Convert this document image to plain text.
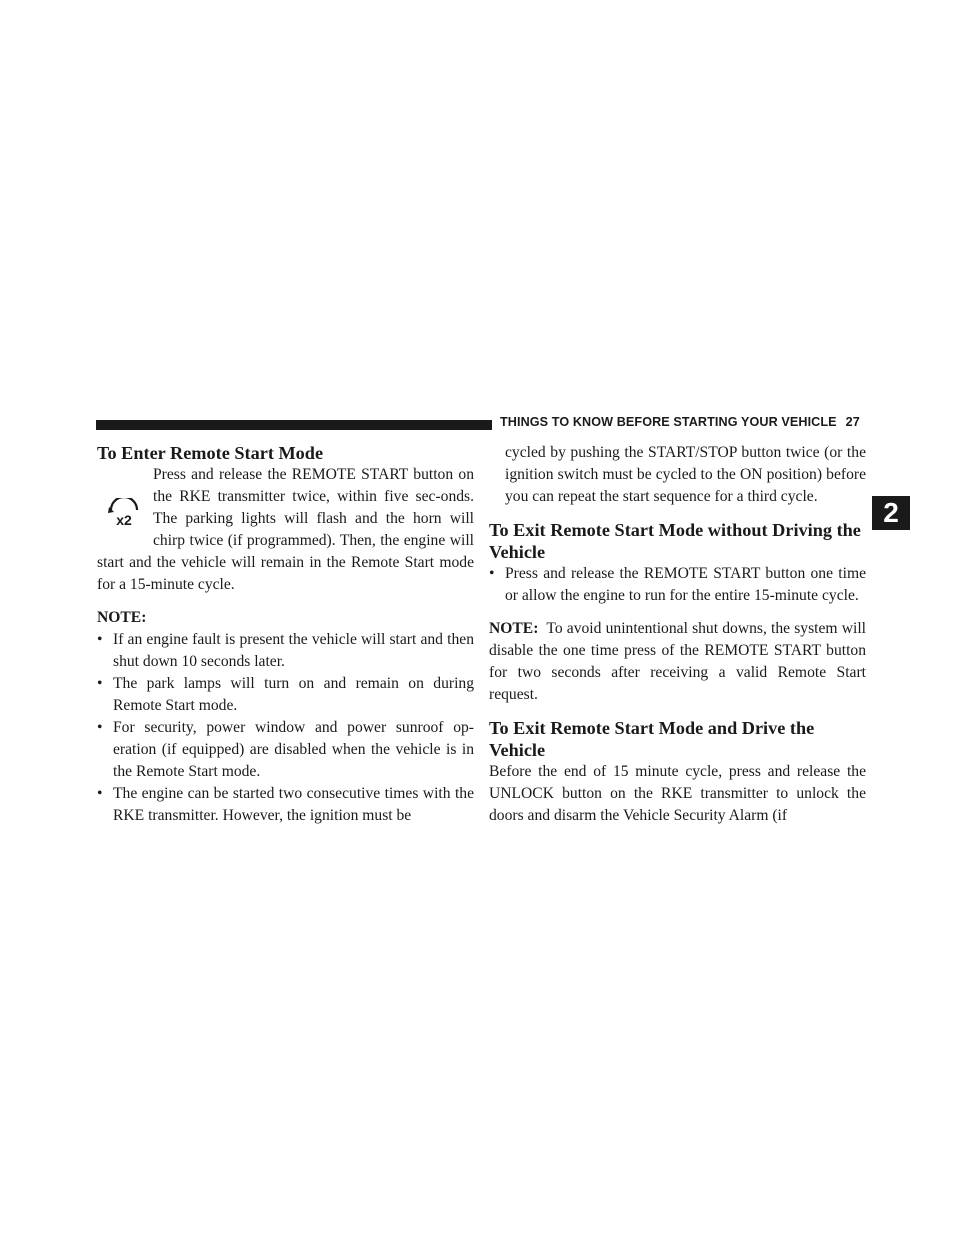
THINGS TO KNOW BEFORE STARTING YOUR VEHICLE 27
2
To Enter Remote Start Mode
x2

Press and release the REMOTE START button on the RKE transmitter twice, within five sec-onds. The parking lights will flash and the horn will chirp twice (if programmed). Then, the engine will start and the vehicle will remain in the Remote Start mode for a 15-minute cycle.

NOTE:
• If an engine fault is present the vehicle will start and then shut down 10 seconds later.
• The park lamps will turn on and remain on during Remote Start mode.
• For security, power window and power sunroof op-eration (if equipped) are disabled when the vehicle is in the Remote Start mode.
• The engine can be started two consecutive times with the RKE transmitter. However, the ignition must be

cycled by pushing the START/STOP button twice (or the ignition switch must be cycled to the ON position) before you can repeat the start sequence for a third cycle.

To Exit Remote Start Mode without Driving the Vehicle
• Press and release the REMOTE START button one time or allow the engine to run for the entire 15-minute cycle.

NOTE: To avoid unintentional shut downs, the system will disable the one time press of the REMOTE START button for two seconds after receiving a valid Remote Start request.

To Exit Remote Start Mode and Drive the Vehicle

Before the end of 15 minute cycle, press and release the UNLOCK button on the RKE transmitter to unlock the doors and disarm the Vehicle Security Alarm (if
